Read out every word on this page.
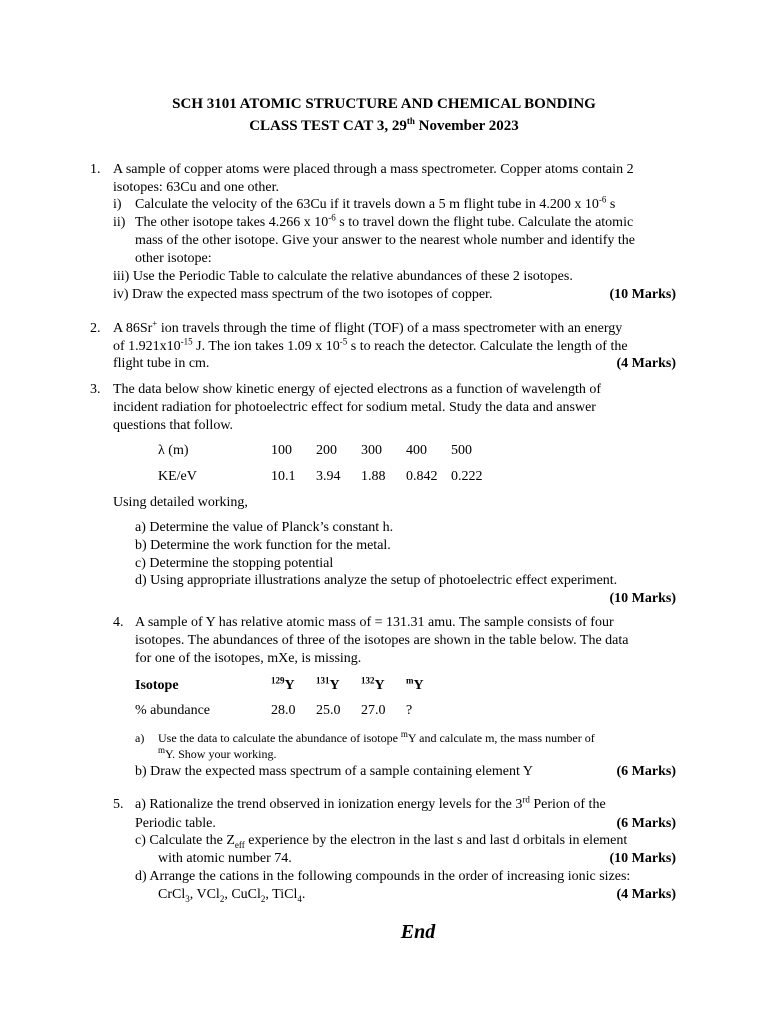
SCH 3101 ATOMIC STRUCTURE AND CHEMICAL BONDING
CLASS TEST CAT 3, 29th November 2023
1. A sample of copper atoms were placed through a mass spectrometer. Copper atoms contain 2
isotopes: 63Cu and one other.
i) Calculate the velocity of the 63Cu if it travels down a 5 m flight tube in 4.200 x $10^{-6}$ s
ii) The other isotope takes 4.266 x $10^{-6}$ s to travel down the flight tube. Calculate the atomic
mass of the other isotope. Give your answer to the nearest whole number and identify the
other isotope:
iii) Use the Periodic Table to calculate the relative abundances of these 2 isotopes.
iv) Draw the expected mass spectrum of the two isotopes of copper.	(10 Marks)
2. A 86Sr+ ion travels through the time of flight (TOF) of a mass spectrometer with an energy
of $1.921x10^{-15}$ J. The ion takes 1.09 x $10^{-5}$ s to reach the detector. Calculate the length of the
flight tube in cm.	(4 Marks)
3. The data below show kinetic energy of ejected electrons as a function of wavelength of
incident radiation for photoelectric effect for sodium metal. Study the data and answer
questions that follow.
λ (m)	100 200 300 400 500
KE/eV	10.1 3.94 1.88 0.842 0.222
Using detailed working,
a) Determine the value of Planck’s constant h.
b) Determine the work function for the metal.
c) Determine the stopping potential
d) Using appropriate illustrations analyze the setup of photoelectric effect experiment.
(10 Marks)
4. A sample of Y has relative atomic mass of = 131.31 amu. The sample consists of four
isotopes. The abundances of three of the isotopes are shown in the table below. The data
for one of the isotopes, mXe, is missing.
Isotope	$^{129}$Y $^{131}$Y $^{132}$Y $^m$Y
% abundance	28.0 25.0 27.0 ?
a) Use the data to calculate the abundance of isotope $^m$Y and calculate m, the mass number of
$^m$Y. Show your working.
b) Draw the expected mass spectrum of a sample containing element Y	(6 Marks)
5. a) Rationalize the trend observed in ionization energy levels for the 3rd Perion of the
Periodic table.	(6 Marks)
c) Calculate the $Z_{eff}$ experience by the electron in the last s and last d orbitals in element
with atomic number 74.	(10 Marks)
d) Arrange the cations in the following compounds in the order of increasing ionic sizes:
CrCl$_3$, VCl$_2$, CuCl$_2$, TiCl$_4$.	(4 Marks)
End
